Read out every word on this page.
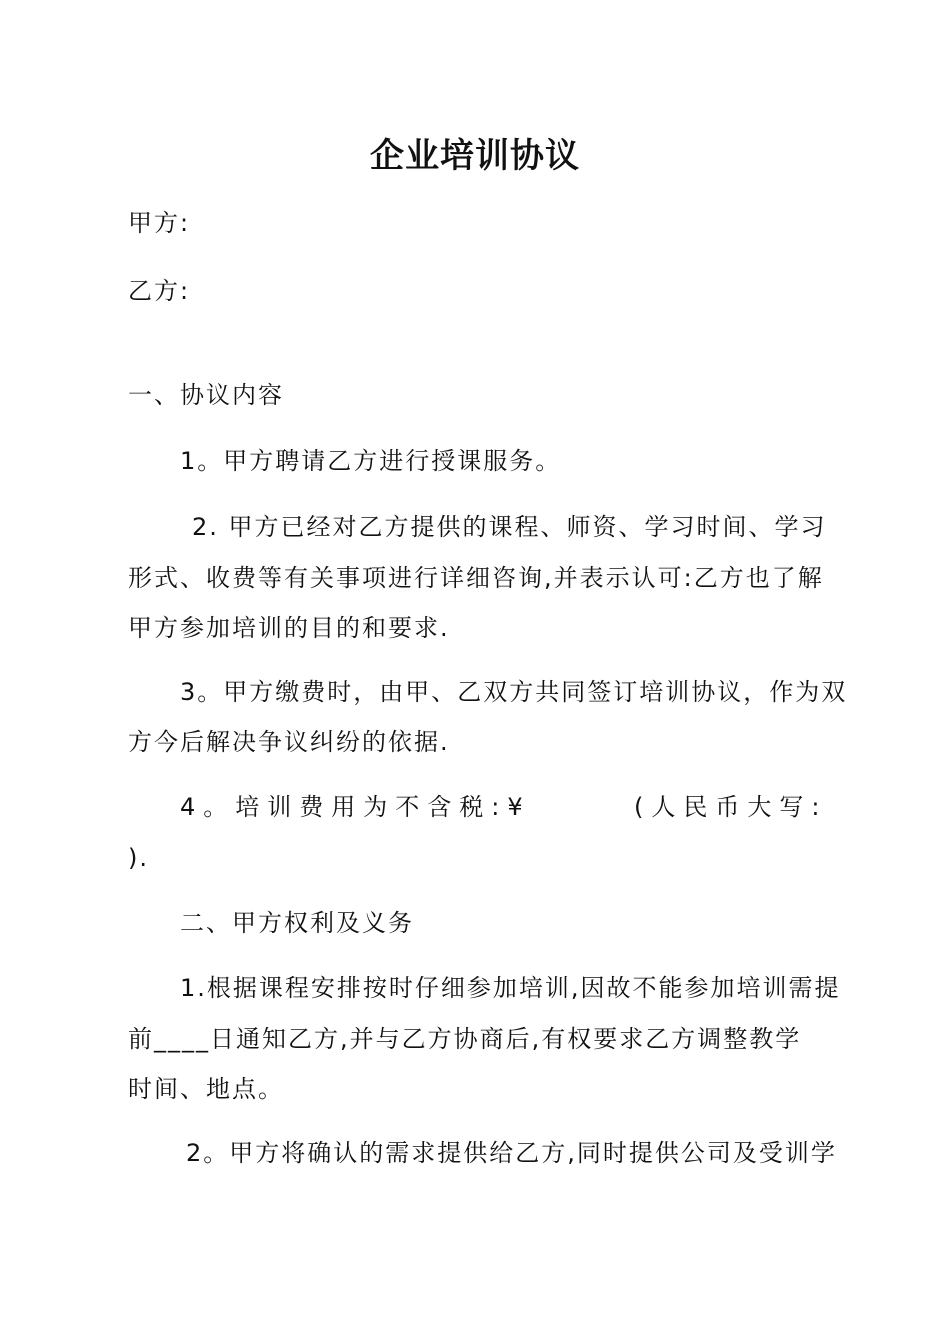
企业培训协议
甲方:
乙方:
一、协议内容
1。甲方聘请乙方进行授课服务。
2. 甲方已经对乙方提供的课程、师资、学习时间、学习
形式、收费等有关事项进行详细咨询,并表示认可:乙方也了解
甲方参加培训的目的和要求.
3。甲方缴费时，由甲、乙双方共同签订培训协议，作为双
方今后解决争议纠纷的依据.
4。培训费用为不含税:¥	(人民币大写:
).
二、甲方权利及义务
1.根据课程安排按时仔细参加培训,因故不能参加培训需提
前____日通知乙方,并与乙方协商后,有权要求乙方调整教学
时间、地点。
2。甲方将确认的需求提供给乙方,同时提供公司及受训学
